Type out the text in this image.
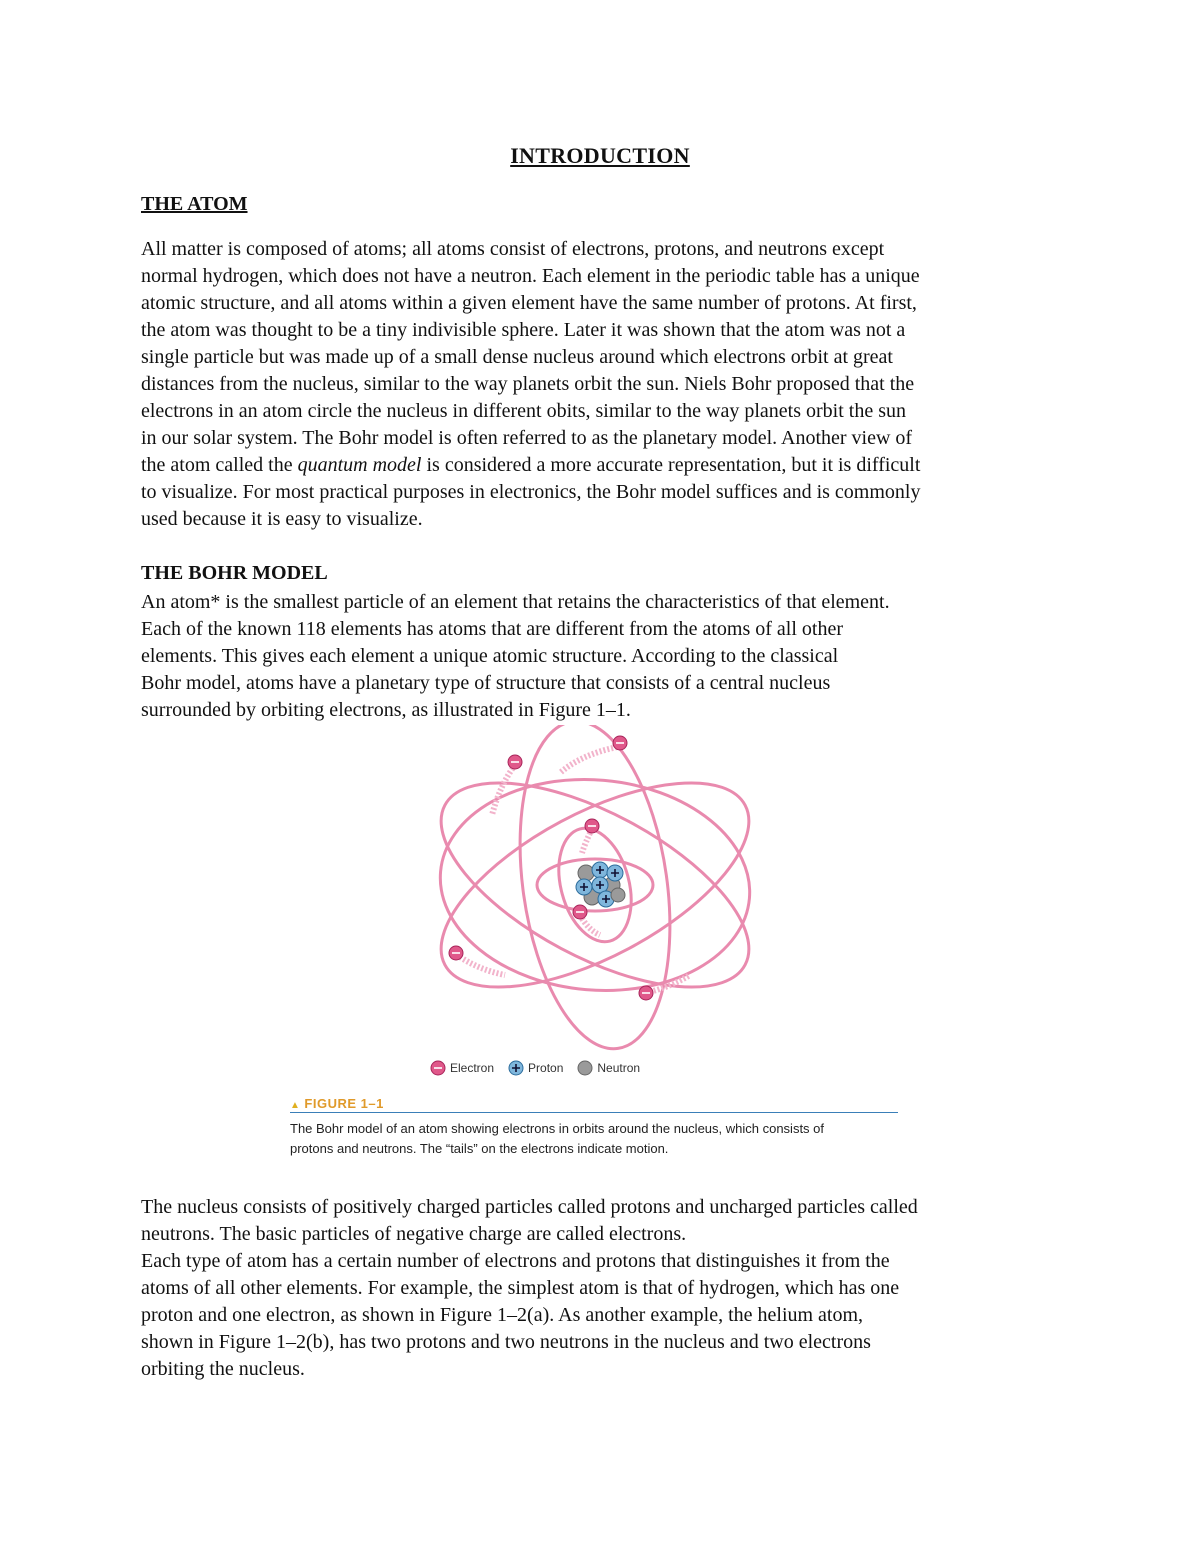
INTRODUCTION
THE ATOM
All matter is composed of atoms; all atoms consist of electrons, protons, and neutrons except
normal hydrogen, which does not have a neutron. Each element in the periodic table has a unique
atomic structure, and all atoms within a given element have the same number of protons. At first,
the atom was thought to be a tiny indivisible sphere. Later it was shown that the atom was not a
single particle but was made up of a small dense nucleus around which electrons orbit at great
distances from the nucleus, similar to the way planets orbit the sun. Niels Bohr proposed that the
electrons in an atom circle the nucleus in different obits, similar to the way planets orbit the sun
in our solar system. The Bohr model is often referred to as the planetary model. Another view of
the atom called the quantum model is considered a more accurate representation, but it is difficult
to visualize. For most practical purposes in electronics, the Bohr model suffices and is commonly
used because it is easy to visualize.
THE BOHR MODEL
An atom* is the smallest particle of an element that retains the characteristics of that element.
Each of the known 118 elements has atoms that are different from the atoms of all other
elements. This gives each element a unique atomic structure. According to the classical
Bohr model, atoms have a planetary type of structure that consists of a central nucleus
surrounded by orbiting electrons, as illustrated in Figure 1–1.
Electron	Proton	Neutron
▲ FIGURE 1–1
The Bohr model of an atom showing electrons in orbits around the nucleus, which consists of
protons and neutrons. The “tails” on the electrons indicate motion.
The nucleus consists of positively charged particles called protons and uncharged particles called
neutrons. The basic particles of negative charge are called electrons.
Each type of atom has a certain number of electrons and protons that distinguishes it from the
atoms of all other elements. For example, the simplest atom is that of hydrogen, which has one
proton and one electron, as shown in Figure 1–2(a). As another example, the helium atom,
shown in Figure 1–2(b), has two protons and two neutrons in the nucleus and two electrons
orbiting the nucleus.
